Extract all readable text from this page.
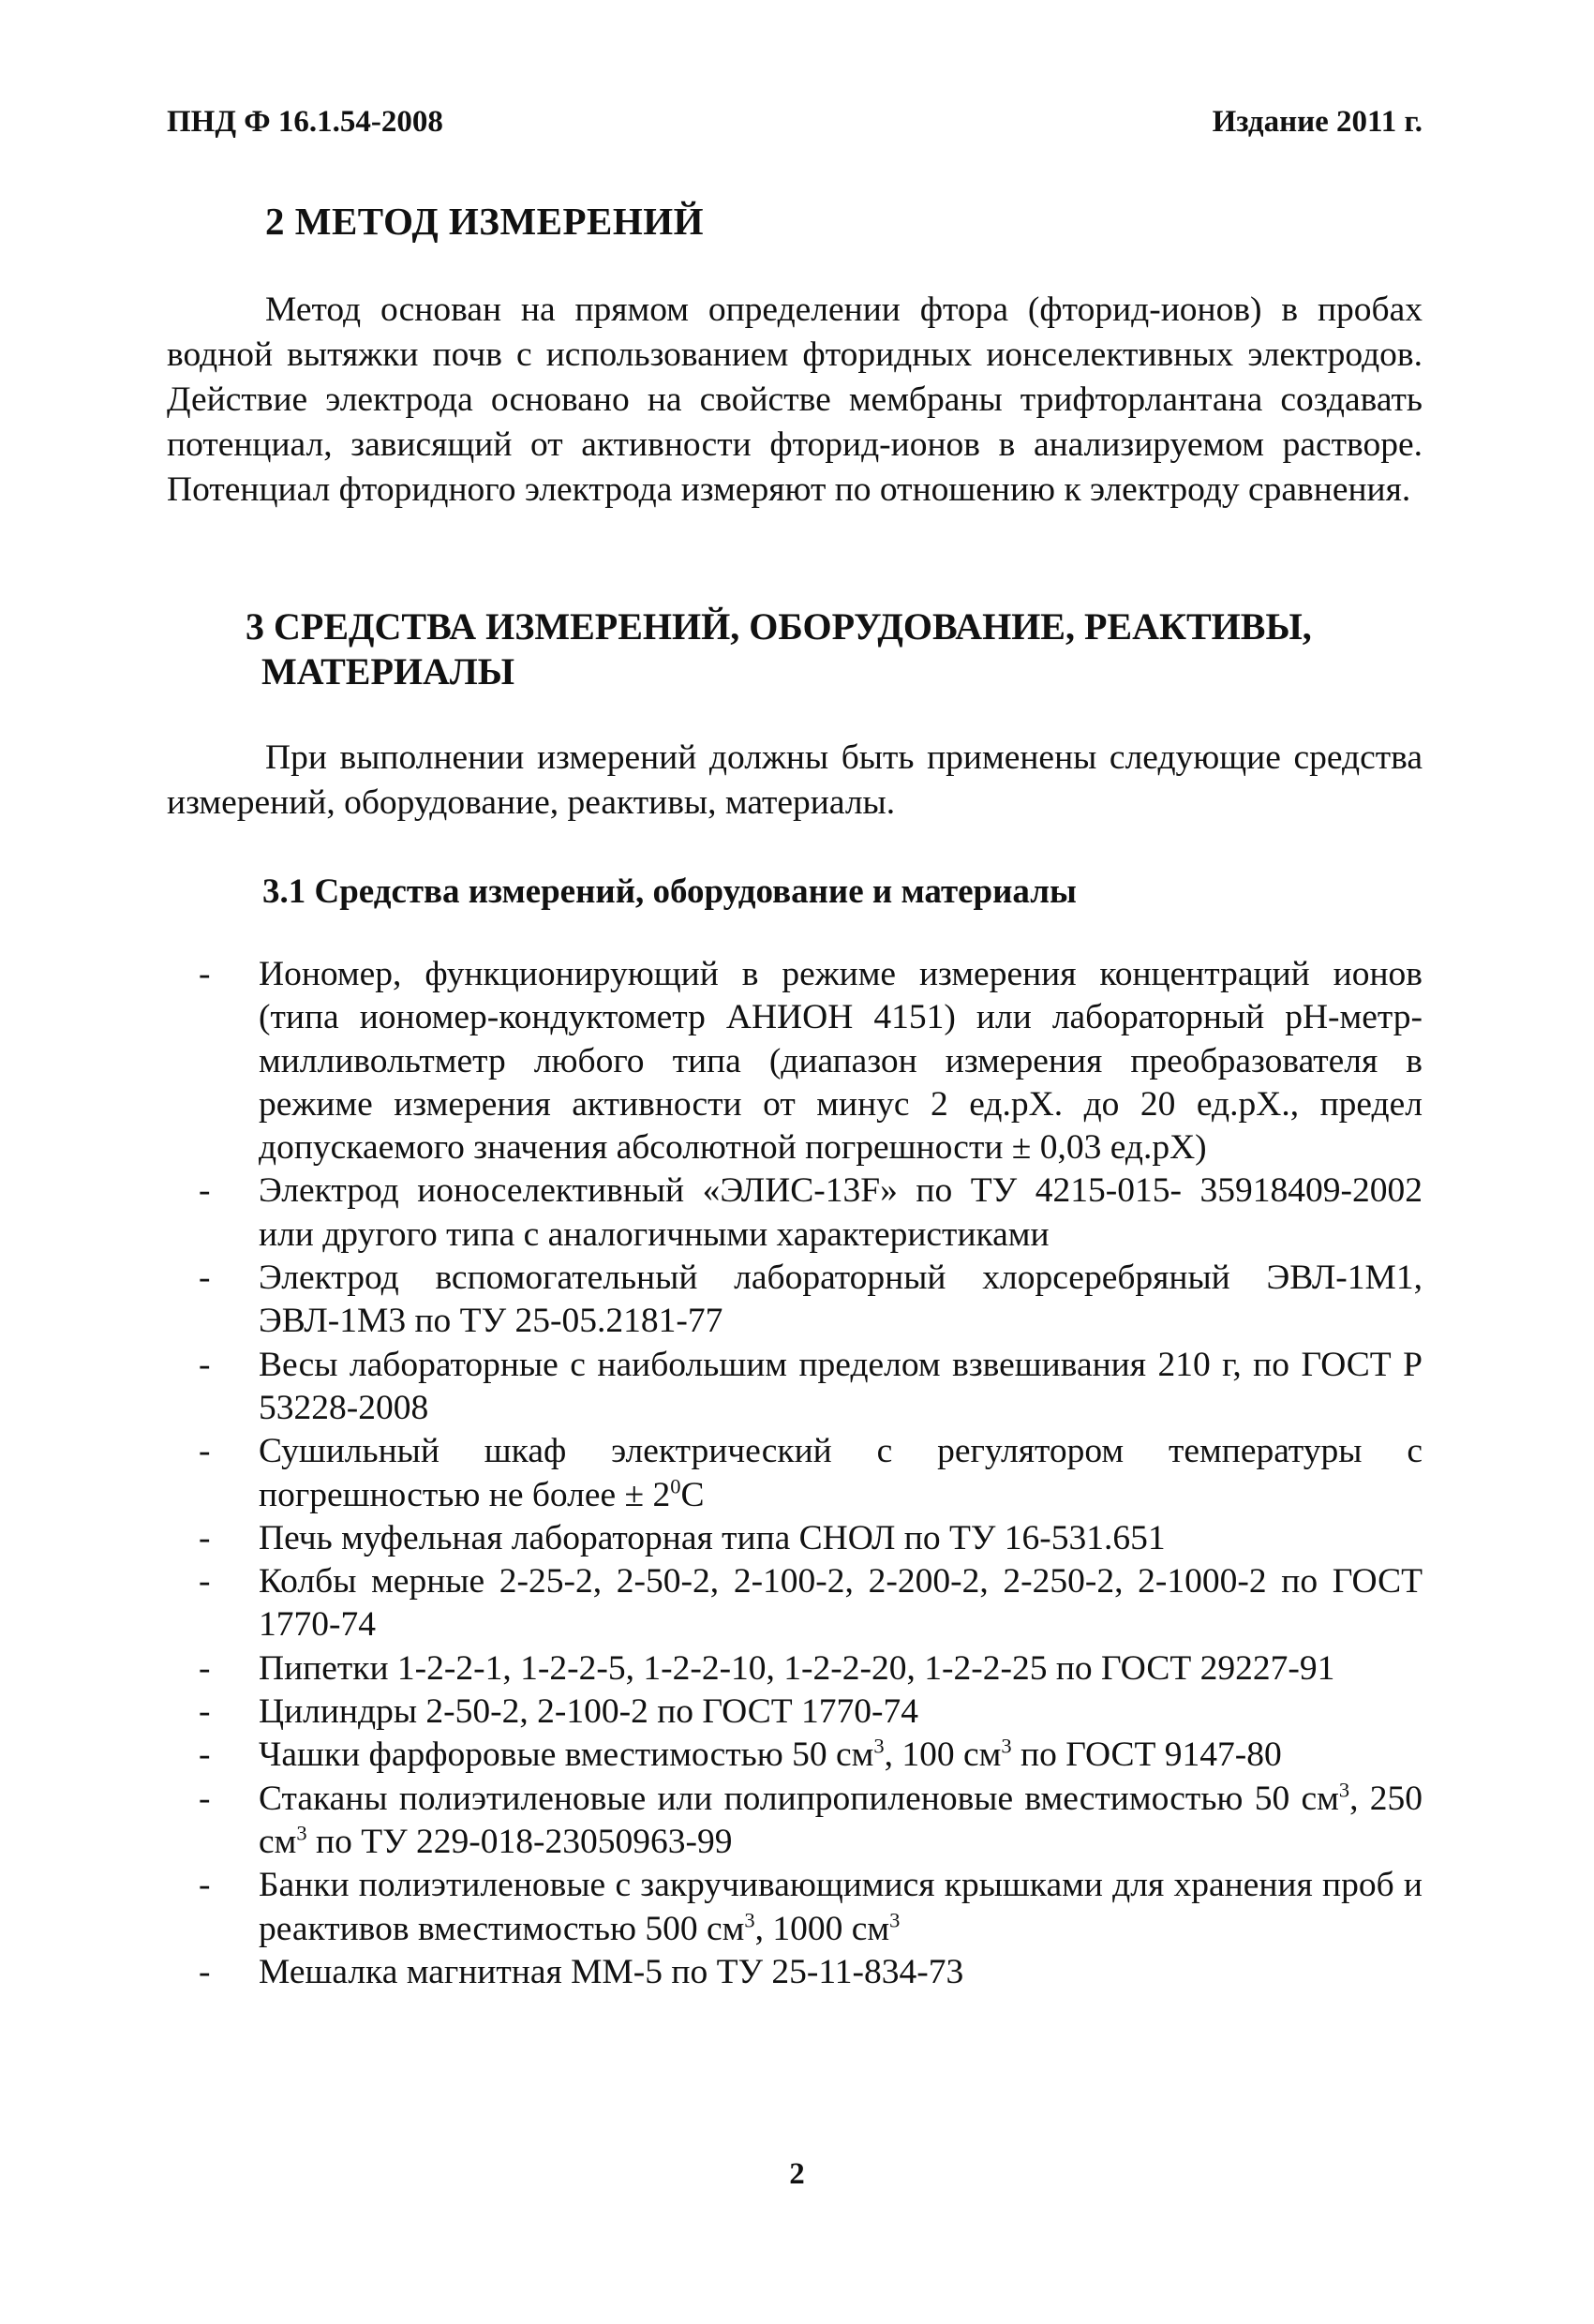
ПНД Ф 16.1.54-2008	Издание 2011 г.
2 МЕТОД ИЗМЕРЕНИЙ

Метод основан на прямом определении фтора (фторид-ионов) в пробах водной вытяжки почв с использованием фторидных ионселективных электродов. Действие электрода основано на свойстве мембраны трифторлантана создавать потенциал, зависящий от активности фторид-ионов в анализируемом растворе. Потенциал фторидного электрода измеряют по отношению к электроду сравнения.

3 СРЕДСТВА ИЗМЕРЕНИЙ, ОБОРУДОВАНИЕ, РЕАКТИВЫ,
МАТЕРИАЛЫ

При выполнении измерений должны быть применены следующие средства измерений, оборудование, реактивы, материалы.

3.1 Средства измерений, оборудование и материалы
- Иономер, функционирующий в режиме измерения концентраций ионов (типа иономер-кондуктометр АНИОН 4151) или лабораторный рН-метр-милливольтметр любого типа (диапазон измерения преобразователя в режиме измерения активности от минус 2 ед.рХ. до 20 ед.рХ., предел допускаемого значения абсолютной погрешности ± 0,03 ед.рХ)
- Электрод ионоселективный «ЭЛИС-13F» по ТУ 4215-015- 35918409-2002 или другого типа с аналогичными характеристиками
- Электрод вспомогательный лабораторный хлорсеребряный ЭВЛ-1М1, ЭВЛ-1М3 по ТУ 25-05.2181-77
- Весы лабораторные с наибольшим пределом взвешивания 210 г, по ГОСТ Р 53228-2008
- Сушильный шкаф электрический с регулятором температуры с погрешностью не более ± $2^0С$
- Печь муфельная лабораторная типа СНОЛ по ТУ 16-531.651
- Колбы мерные 2-25-2, 2-50-2, 2-100-2, 2-200-2, 2-250-2, 2-1000-2 по ГОСТ 1770-74
- Пипетки 1-2-2-1, 1-2-2-5, 1-2-2-10, 1-2-2-20, 1-2-2-25 по ГОСТ 29227-91
- Цилиндры 2-50-2, 2-100-2 по ГОСТ 1770-74
- Чашки фарфоровые вместимостью 50 $см^3$, 100 $см^3$ по ГОСТ 9147-80
- Стаканы полиэтиленовые или полипропиленовые вместимостью 50 $см^3$, 250 $см^3$ по ТУ 229-018-23050963-99
- Банки полиэтиленовые с закручивающимися крышками для хранения проб и реактивов вместимостью 500 $см^3$, 1000 $см^3$
- Мешалка магнитная ММ-5 по ТУ 25-11-834-73
2
